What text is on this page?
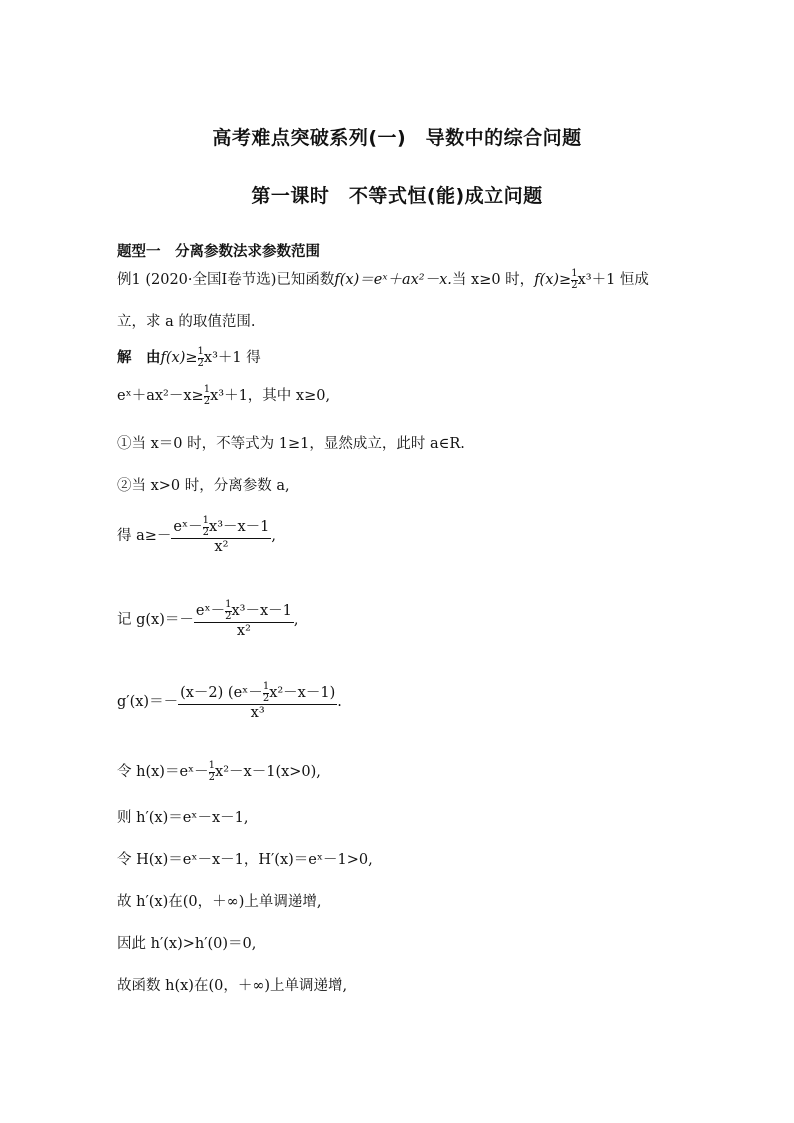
高考难点突破系列(一)　导数中的综合问题
第一课时　不等式恒(能)成立问题
题型一　分离参数法求参数范围
例1 (2020·全国Ⅰ卷节选)已知函数f(x)＝eˣ＋ax²－x.当 x≥0 时，$f(x)\ge\frac{1}{2} x^3+1$ 恒成
立，求 a 的取值范围.
解　由$f(x)\ge\frac{1}{2} x^3+1$ 得
$eˣ+ax^2-x\ge\frac{1}{2} x^3+1$，其中 x≥0,
①当 x＝0 时，不等式为 1≥1，显然成立，此时 a∈R.
②当 x>0 时，分离参数 a,
得 $a\ge- \frac{eˣ-\frac{1}{2} x^3-x-1}{\text{x²}}$ ,
记 $g(x)=- \frac{eˣ-\frac{1}{2} x^3-x-1}{\text{x²}}$ ,
$g'(x)=- \frac{(x-2) (eˣ-\frac{1}{2} x^2-x-1)}{\text{x³}}$ .
令 $h(x)=eˣ-\frac{1}{2} x^2-x-1(x>0)$,
则 h′(x)＝eˣ－x－1,
令 H(x)＝eˣ－x－1，H′(x)＝eˣ－1>0,
故 h′(x)在(0，＋∞)上单调递增,
因此 h′(x)>h′(0)＝0,
故函数 h(x)在(0，＋∞)上单调递增,
